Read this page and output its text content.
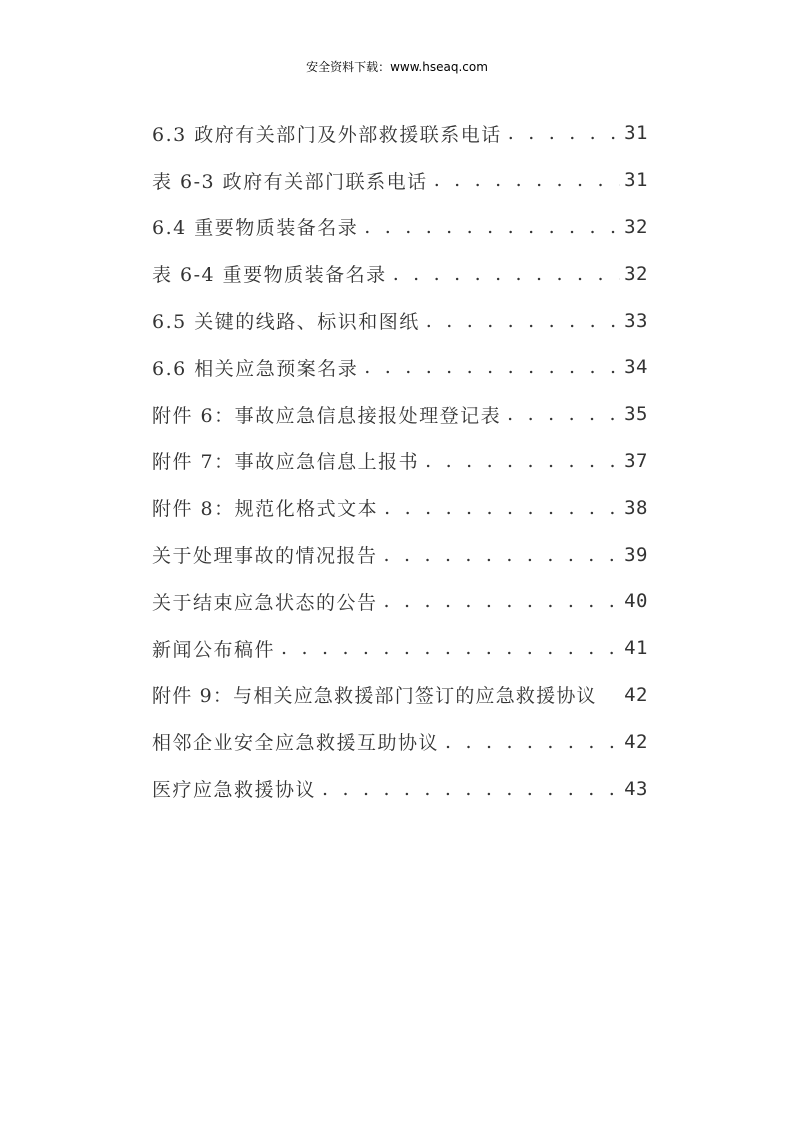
安全资料下载：www.hseaq.com
6.3 政府有关部门及外部救援联系电话 . . .	31
表 6-3 政府有关部门联系电话 . . .	31
6.4 重要物质装备名录 . . .	32
表 6-4 重要物质装备名录 . . .	32
6.5 关键的线路、标识和图纸 . . .	33
6.6 相关应急预案名录 . . .	34
附件 6：事故应急信息接报处理登记表 . . .	35
附件 7：事故应急信息上报书 . . .	37
附件 8：规范化格式文本 . . .	38
关于处理事故的情况报告 . . .	39
关于结束应急状态的公告 . . .	40
新闻公布稿件 . . .	41
附件 9：与相关应急救援部门签订的应急救援协议 42
相邻企业安全应急救援互助协议 . . .	42
医疗应急救援协议 . . .	43
